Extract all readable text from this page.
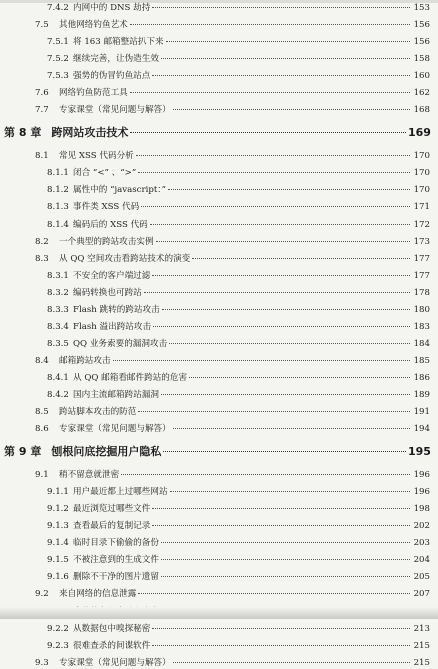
7.4.2 内网中的 DNS 劫持	153
7.5	其他网络钓鱼艺术	156
7.5.1 将 163 邮箱整站扒下来	156
7.5.2 继续完善，让伪造生效	158
7.5.3 强势的伪冒钓鱼站点	160
7.6	网络钓鱼防范工具	162
7.7	专家课堂（常见问题与解答）	168
第 8 章 跨网站攻击技术	169
8.1	常见 XSS 代码分析	170
8.1.1 闭合 “<” 、“>”	170
8.1.2 属性中的 “javascript：”	170
8.1.3 事件类 XSS 代码	171
8.1.4 编码后的 XSS 代码	172
8.2	一个典型的跨站攻击实例	173
8.3	从 QQ 空间攻击看跨站技术的演变	177
8.3.1 不安全的客户端过滤	177
8.3.2 编码转换也可跨站	178
8.3.3 Flash 跳转的跨站攻击	180
8.3.4 Flash 溢出跨站攻击	183
8.3.5 QQ 业务索要的漏洞攻击	184
8.4	邮箱跨站攻击	185
8.4.1 从 QQ 邮箱看邮件跨站的危害	186
8.4.2 国内主流邮箱跨站漏洞	189
8.5	跨站脚本攻击的防范	191
8.6	专家课堂（常见问题与解答）	194
第 9 章 刨根问底挖掘用户隐私	195
9.1	稍不留意就泄密	196
9.1.1 用户最近都上过哪些网站	196
9.1.2 最近浏览过哪些文件	198
9.1.3 查看最后的复制记录	202
9.1.4 临时目录下偷偷的备份	203
9.1.5 不被注意到的生成文件	204
9.1.6 删除不干净的图片遗留	205
9.2	来自网络的信息泄露	207
9.2.2 从数据包中嗅探秘密	213
9.2.3 很难查杀的间谍软件	215
9.3	专家课堂（常见问题与解答）	215
